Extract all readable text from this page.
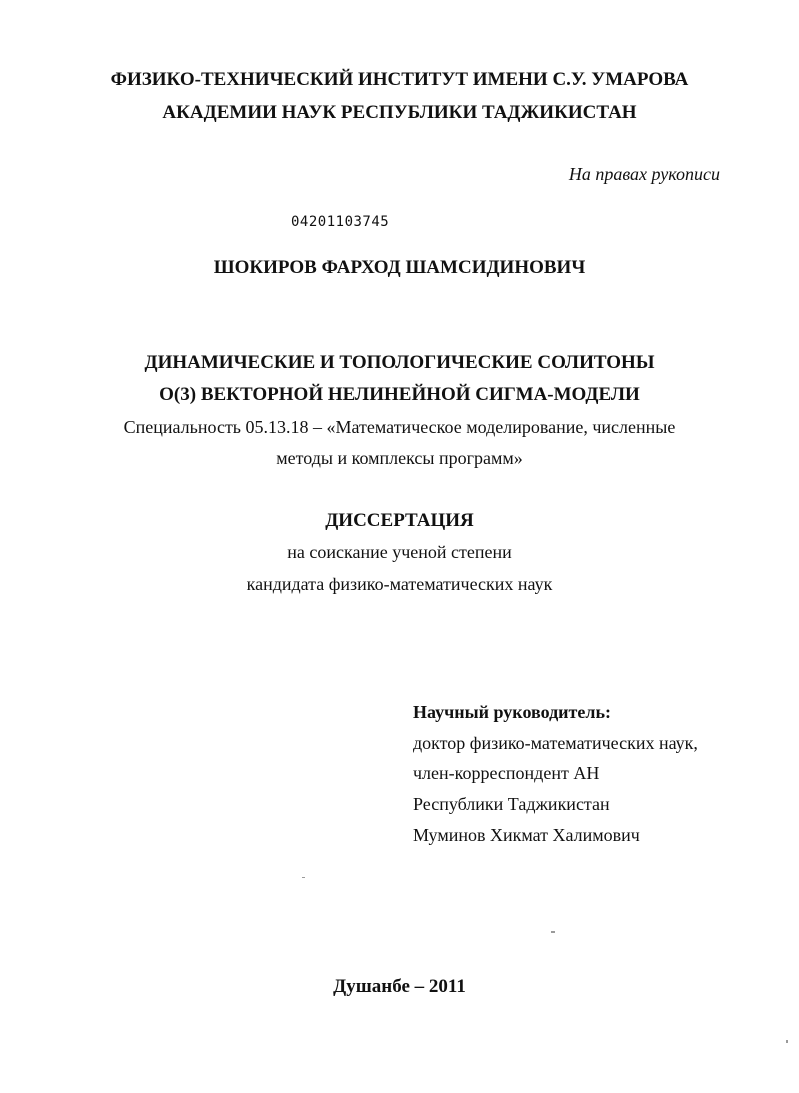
ФИЗИКО-ТЕХНИЧЕСКИЙ ИНСТИТУТ ИМЕНИ С.У. УМАРОВА
АКАДЕМИИ НАУК РЕСПУБЛИКИ ТАДЖИКИСТАН
На правах рукописи
04201103745
ШОКИРОВ ФАРХОД ШАМСИДИНОВИЧ
ДИНАМИЧЕСКИЕ И ТОПОЛОГИЧЕСКИЕ СОЛИТОНЫ
О(3) ВЕКТОРНОЙ НЕЛИНЕЙНОЙ СИГМА-МОДЕЛИ
Специальность 05.13.18 – «Математическое моделирование, численные
методы и комплексы программ»
ДИССЕРТАЦИЯ
на соискание ученой степени
кандидата физико-математических наук
Научный руководитель:
доктор физико-математических наук,
член-корреспондент АН
Республики Таджикистан
Муминов Хикмат Халимович
Душанбе – 2011
